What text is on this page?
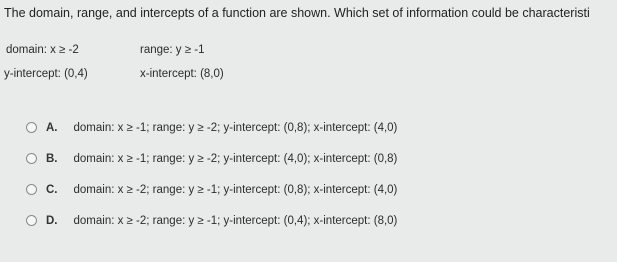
The domain, range, and intercepts of a function are shown. Which set of information could be characteristi
domain: x ≥ -2	range: y ≥ -1
y-intercept: (0,4)	x-intercept: (8,0)
A. domain: x ≥ -1; range: y ≥ -2; y-intercept: (0,8); x-intercept: (4,0)
B. domain: x ≥ -1; range: y ≥ -2; y-intercept: (4,0); x-intercept: (0,8)
C. domain: x ≥ -2; range: y ≥ -1; y-intercept: (0,8); x-intercept: (4,0)
D. domain: x ≥ -2; range: y ≥ -1; y-intercept: (0,4); x-intercept: (8,0)
